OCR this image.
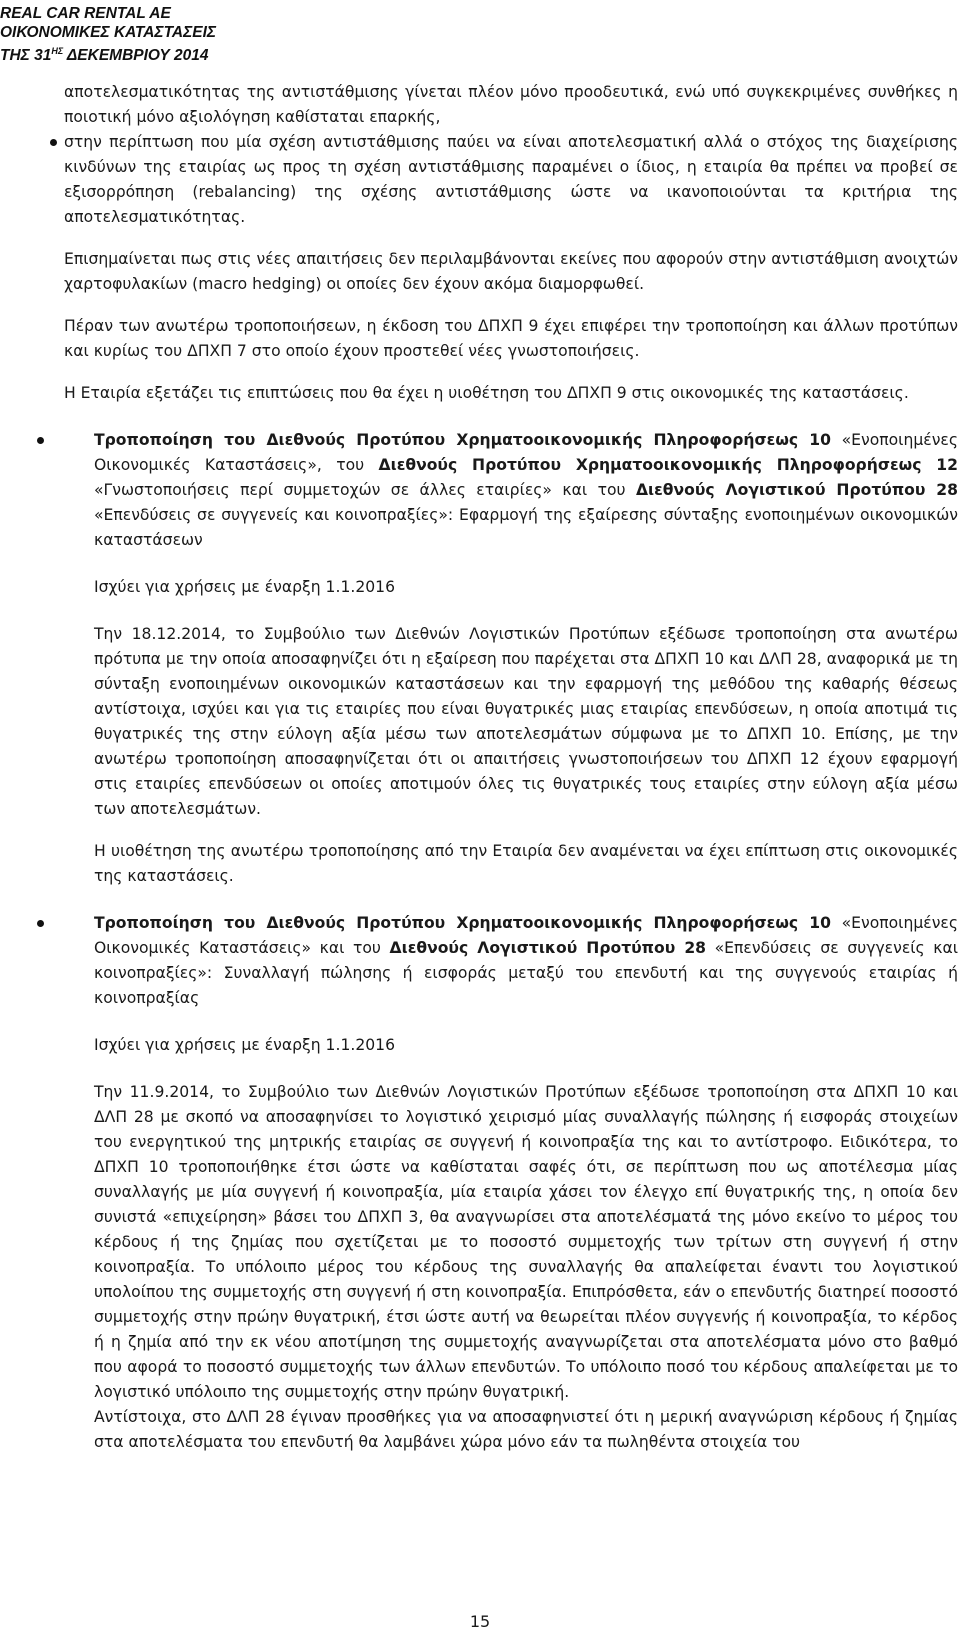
REAL CAR RENTAL AE
ΟΙΚΟΝΟΜΙΚΕΣ ΚΑΤΑΣΤΑΣΕΙΣ
ΤΗΣ $31^{H\Sigma}$ ΔΕΚΕΜΒΡΙΟΥ 2014

αποτελεσματικότητας της αντιστάθμισης γίνεται πλέον μόνο προοδευτικά, ενώ υπό συγκεκριμένες συνθήκες η ποιοτική μόνο αξιολόγηση καθίσταται επαρκής,

στην περίπτωση που μία σχέση αντιστάθμισης παύει να είναι αποτελεσματική αλλά ο στόχος της διαχείρισης κινδύνων της εταιρίας ως προς τη σχέση αντιστάθμισης παραμένει ο ίδιος, η εταιρία θα πρέπει να προβεί σε εξισορρόπηση (rebalancing) της σχέσης αντιστάθμισης ώστε να ικανοποιούνται τα κριτήρια της αποτελεσματικότητας.

Επισημαίνεται πως στις νέες απαιτήσεις δεν περιλαμβάνονται εκείνες που αφορούν στην αντιστάθμιση ανοιχτών χαρτοφυλακίων (macro hedging) οι οποίες δεν έχουν ακόμα διαμορφωθεί.

Πέραν των ανωτέρω τροποποιήσεων, η έκδοση του ΔΠΧΠ 9 έχει επιφέρει την τροποποίηση και άλλων προτύπων και κυρίως του ΔΠΧΠ 7 στο οποίο έχουν προστεθεί νέες γνωστοποιήσεις.

Η Εταιρία εξετάζει τις επιπτώσεις που θα έχει η υιοθέτηση του ΔΠΧΠ 9 στις οικονομικές της καταστάσεις.

Τροποποίηση του Διεθνούς Προτύπου Χρηματοοικονομικής Πληροφορήσεως 10 «Ενοποιημένες Οικονομικές Καταστάσεις», του Διεθνούς Προτύπου Χρηματοοικονομικής Πληροφορήσεως 12 «Γνωστοποιήσεις περί συμμετοχών σε άλλες εταιρίες» και του Διεθνούς Λογιστικού Προτύπου 28 «Επενδύσεις σε συγγενείς και κοινοπραξίες»: Εφαρμογή της εξαίρεσης σύνταξης ενοποιημένων οικονομικών καταστάσεων

Ισχύει για χρήσεις με έναρξη 1.1.2016

Την 18.12.2014, το Συμβούλιο των Διεθνών Λογιστικών Προτύπων εξέδωσε τροποποίηση στα ανωτέρω πρότυπα με την οποία αποσαφηνίζει ότι η εξαίρεση που παρέχεται στα ΔΠΧΠ 10 και ΔΛΠ 28, αναφορικά με τη σύνταξη ενοποιημένων οικονομικών καταστάσεων και την εφαρμογή της μεθόδου της καθαρής θέσεως αντίστοιχα, ισχύει και για τις εταιρίες που είναι θυγατρικές μιας εταιρίας επενδύσεων, η οποία αποτιμά τις θυγατρικές της στην εύλογη αξία μέσω των αποτελεσμάτων σύμφωνα με το ΔΠΧΠ 10. Επίσης, με την ανωτέρω τροποποίηση αποσαφηνίζεται ότι οι απαιτήσεις γνωστοποιήσεων του ΔΠΧΠ 12 έχουν εφαρμογή στις εταιρίες επενδύσεων οι οποίες αποτιμούν όλες τις θυγατρικές τους εταιρίες στην εύλογη αξία μέσω των αποτελεσμάτων.

Η υιοθέτηση της ανωτέρω τροποποίησης από την Εταιρία δεν αναμένεται να έχει επίπτωση στις οικονομικές της καταστάσεις.

Τροποποίηση του Διεθνούς Προτύπου Χρηματοοικονομικής Πληροφορήσεως 10 «Ενοποιημένες Οικονομικές Καταστάσεις» και του Διεθνούς Λογιστικού Προτύπου 28 «Επενδύσεις σε συγγενείς και κοινοπραξίες»: Συναλλαγή πώλησης ή εισφοράς μεταξύ του επενδυτή και της συγγενούς εταιρίας ή κοινοπραξίας

Ισχύει για χρήσεις με έναρξη 1.1.2016

Την 11.9.2014, το Συμβούλιο των Διεθνών Λογιστικών Προτύπων εξέδωσε τροποποίηση στα ΔΠΧΠ 10 και ΔΛΠ 28 με σκοπό να αποσαφηνίσει το λογιστικό χειρισμό μίας συναλλαγής πώλησης ή εισφοράς στοιχείων του ενεργητικού της μητρικής εταιρίας σε συγγενή ή κοινοπραξία της και το αντίστροφο. Ειδικότερα, το ΔΠΧΠ 10 τροποποιήθηκε έτσι ώστε να καθίσταται σαφές ότι, σε περίπτωση που ως αποτέλεσμα μίας συναλλαγής με μία συγγενή ή κοινοπραξία, μία εταιρία χάσει τον έλεγχο επί θυγατρικής της, η οποία δεν συνιστά «επιχείρηση» βάσει του ΔΠΧΠ 3, θα αναγνωρίσει στα αποτελέσματά της μόνο εκείνο το μέρος του κέρδους ή της ζημίας που σχετίζεται με το ποσοστό συμμετοχής των τρίτων στη συγγενή ή στην κοινοπραξία. Το υπόλοιπο μέρος του κέρδους της συναλλαγής θα απαλείφεται έναντι του λογιστικού υπολοίπου της συμμετοχής στη συγγενή ή στη κοινοπραξία. Επιπρόσθετα, εάν ο επενδυτής διατηρεί ποσοστό συμμετοχής στην πρώην θυγατρική, έτσι ώστε αυτή να θεωρείται πλέον συγγενής ή κοινοπραξία, το κέρδος ή η ζημία από την εκ νέου αποτίμηση της συμμετοχής αναγνωρίζεται στα αποτελέσματα μόνο στο βαθμό που αφορά το ποσοστό συμμετοχής των άλλων επενδυτών. Το υπόλοιπο ποσό του κέρδους απαλείφεται με το λογιστικό υπόλοιπο της συμμετοχής στην πρώην θυγατρική.

Αντίστοιχα, στο ΔΛΠ 28 έγιναν προσθήκες για να αποσαφηνιστεί ότι η μερική αναγνώριση κέρδους ή ζημίας στα αποτελέσματα του επενδυτή θα λαμβάνει χώρα μόνο εάν τα πωληθέντα στοιχεία του

15
